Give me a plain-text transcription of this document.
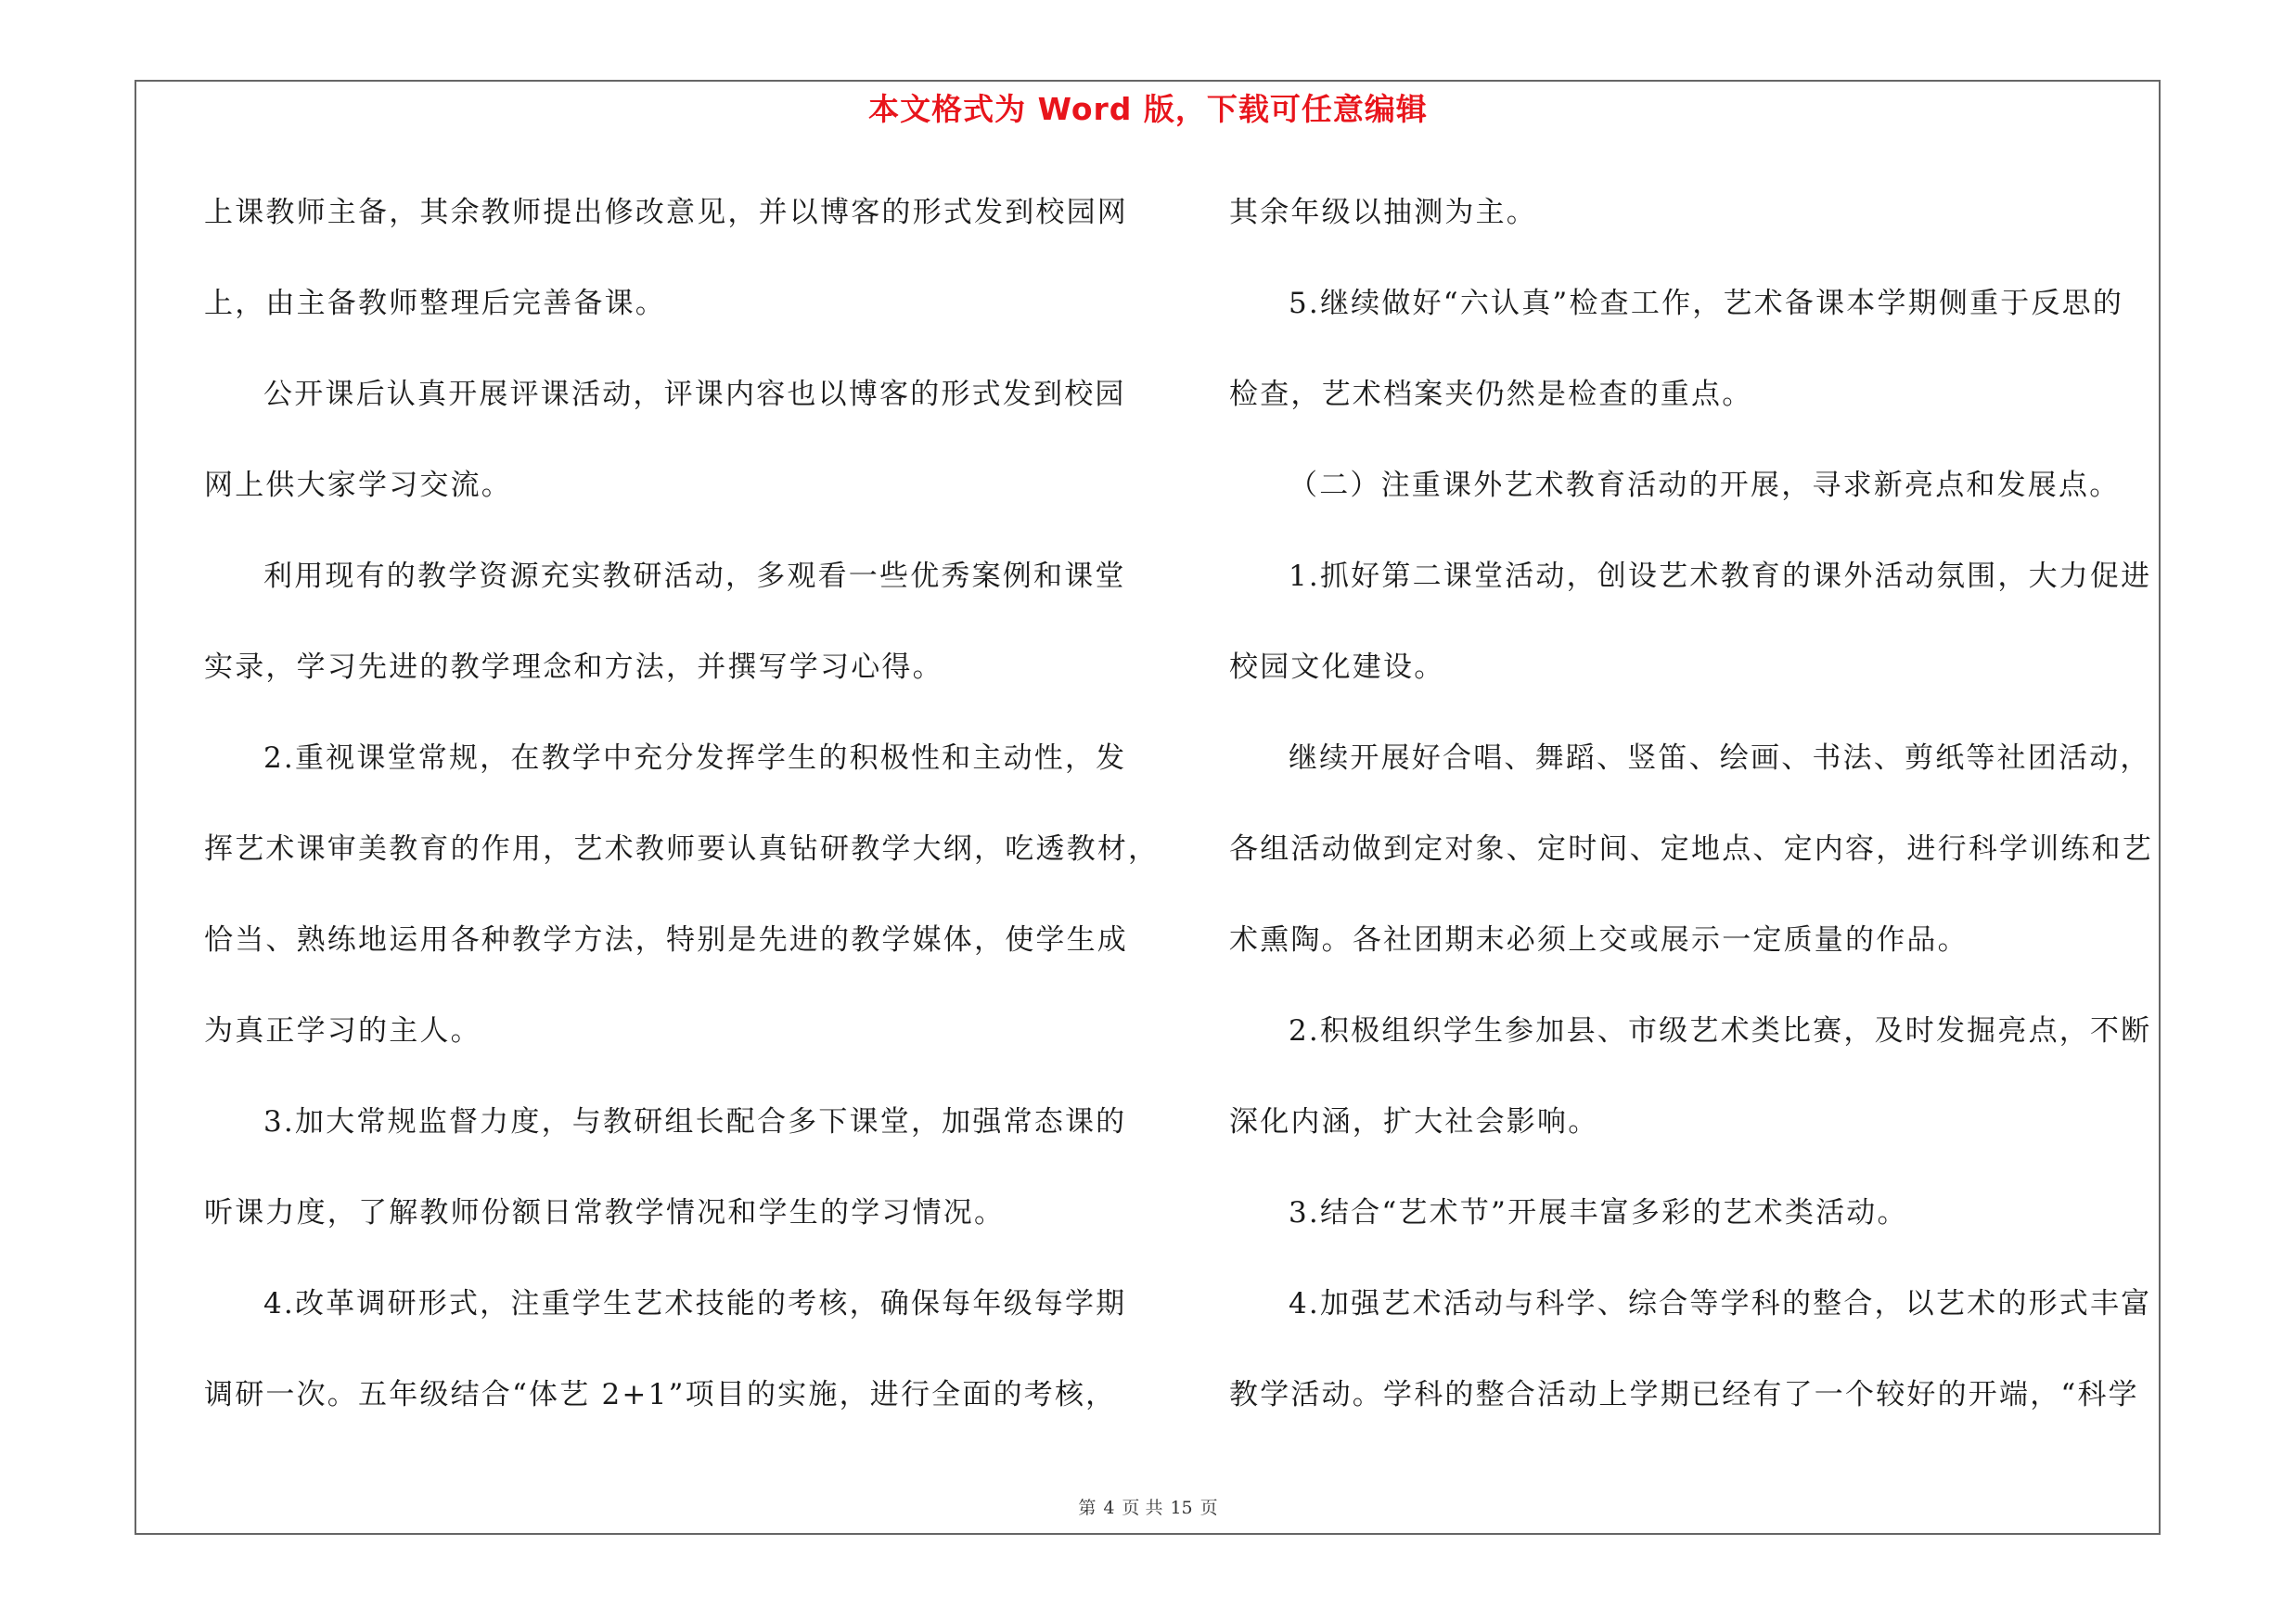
本文格式为 Word 版，下载可任意编辑
上课教师主备，其余教师提出修改意见，并以博客的形式发到校园网
上，由主备教师整理后完善备课。
公开课后认真开展评课活动，评课内容也以博客的形式发到校园
网上供大家学习交流。
利用现有的教学资源充实教研活动，多观看一些优秀案例和课堂
实录，学习先进的教学理念和方法，并撰写学习心得。
2.重视课堂常规，在教学中充分发挥学生的积极性和主动性，发
挥艺术课审美教育的作用，艺术教师要认真钻研教学大纲，吃透教材，
恰当、熟练地运用各种教学方法，特别是先进的教学媒体，使学生成
为真正学习的主人。
3.加大常规监督力度，与教研组长配合多下课堂，加强常态课的
听课力度，了解教师份额日常教学情况和学生的学习情况。
4.改革调研形式，注重学生艺术技能的考核，确保每年级每学期
调研一次。五年级结合“体艺 2+1”项目的实施，进行全面的考核，
其余年级以抽测为主。
5.继续做好“六认真”检查工作，艺术备课本学期侧重于反思的
检查，艺术档案夹仍然是检查的重点。
（二）注重课外艺术教育活动的开展，寻求新亮点和发展点。
1.抓好第二课堂活动，创设艺术教育的课外活动氛围，大力促进
校园文化建设。
继续开展好合唱、舞蹈、竖笛、绘画、书法、剪纸等社团活动，
各组活动做到定对象、定时间、定地点、定内容，进行科学训练和艺
术熏陶。各社团期末必须上交或展示一定质量的作品。
2.积极组织学生参加县、市级艺术类比赛，及时发掘亮点，不断
深化内涵，扩大社会影响。
3.结合“艺术节”开展丰富多彩的艺术类活动。
4.加强艺术活动与科学、综合等学科的整合，以艺术的形式丰富
教学活动。学科的整合活动上学期已经有了一个较好的开端，“科学
第 4 页 共 15 页
